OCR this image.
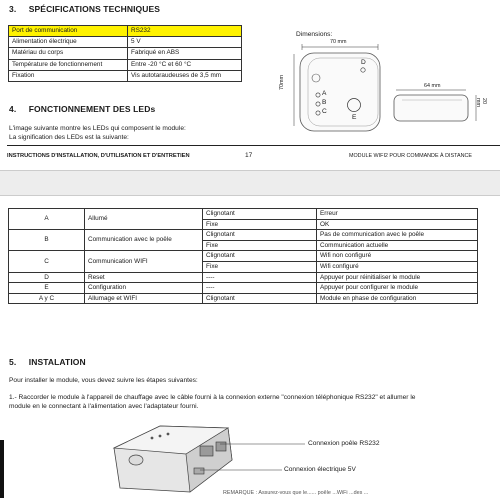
3. SPÉCIFICATIONS TECHNIQUES
Port de communication	RS232
Alimentation électrique	5 V
Matériau du corps	Fabriqué en ABS
Température de fonctionnement	Entre -20 °C et 60 °C
Fixation	Vis autotaraudeuses de 3,5 mm
Dimensions:
70 mm
70mm
A
B
C
D
E
64 mm
20 mm
4. FONCTIONNEMENT DES LEDs
L'image suivante montre les LEDs qui composent le module:
La signification des LEDs est la suivante:
INSTRUCTIONS D'INSTALLATION, D'UTILISATION ET D'ENTRETIEN	17	MODULE WIFI2 POUR COMMANDE À DISTANCE
A	Allumé	Clignotant	Erreur
		Fixe	OK
B	Communication avec le poêle	Clignotant	Pas de communication avec le poêle
		Fixe	Communication actuelle
C	Communication WIFI	Clignotant	Wifi non configuré
		Fixe	Wifi configuré
D	Reset	----	Appuyer pour réinitialiser le module
E	Configuration	----	Appuyer pour configurer le module
A y C	Allumage et WIFI	Clignotant	Module en phase de configuration
5. INSTALATION
Pour installer le module, vous devez suivre les étapes suivantes:
1.- Raccorder le module à l'appareil de chauffage avec le câble fourni à la connexion externe "connexion téléphonique RS232" et allumer le
module en le connectant à l'alimentation avec l'adaptateur fourni.
Connexion poêle RS232
Connexion électrique 5V
REMARQUE : Assurez-vous que le...... poêle ...WiFi ...des ...
